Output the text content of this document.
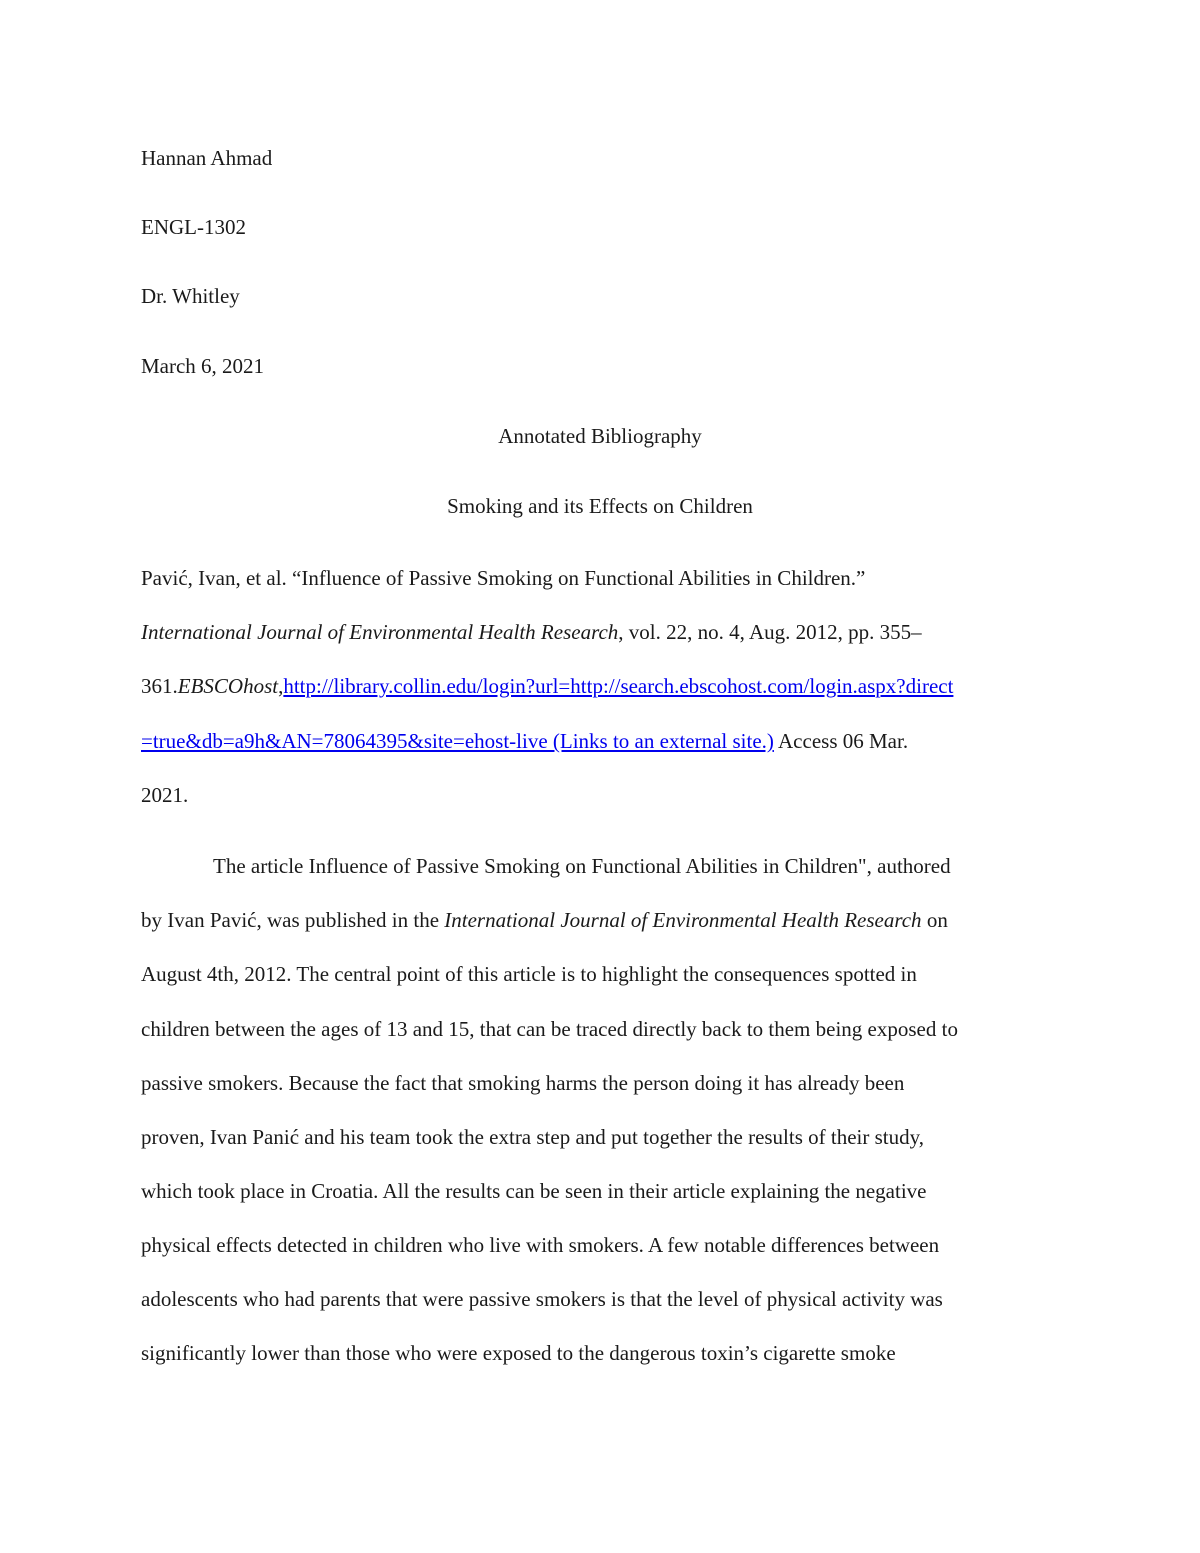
Hannan Ahmad

ENGL-1302

Dr. Whitley

March 6, 2021

Annotated Bibliography

Smoking and its Effects on Children

Pavić, Ivan, et al. “Influence of Passive Smoking on Functional Abilities in Children.”

International Journal of Environmental Health Research, vol. 22, no. 4, Aug. 2012, pp. 355–

361.EBSCOhost,http://library.collin.edu/login?url=http://search.ebscohost.com/login.aspx?direct

=true&db=a9h&AN=78064395&site=ehost-live (Links to an external site.) Access 06 Mar.

2021.

The article Influence of Passive Smoking on Functional Abilities in Children", authored

by Ivan Pavić, was published in the International Journal of Environmental Health Research on

August 4th, 2012. The central point of this article is to highlight the consequences spotted in

children between the ages of 13 and 15, that can be traced directly back to them being exposed to

passive smokers. Because the fact that smoking harms the person doing it has already been

proven, Ivan Panić and his team took the extra step and put together the results of their study,

which took place in Croatia. All the results can be seen in their article explaining the negative

physical effects detected in children who live with smokers. A few notable differences between

adolescents who had parents that were passive smokers is that the level of physical activity was

significantly lower than those who were exposed to the dangerous toxin’s cigarette smoke
